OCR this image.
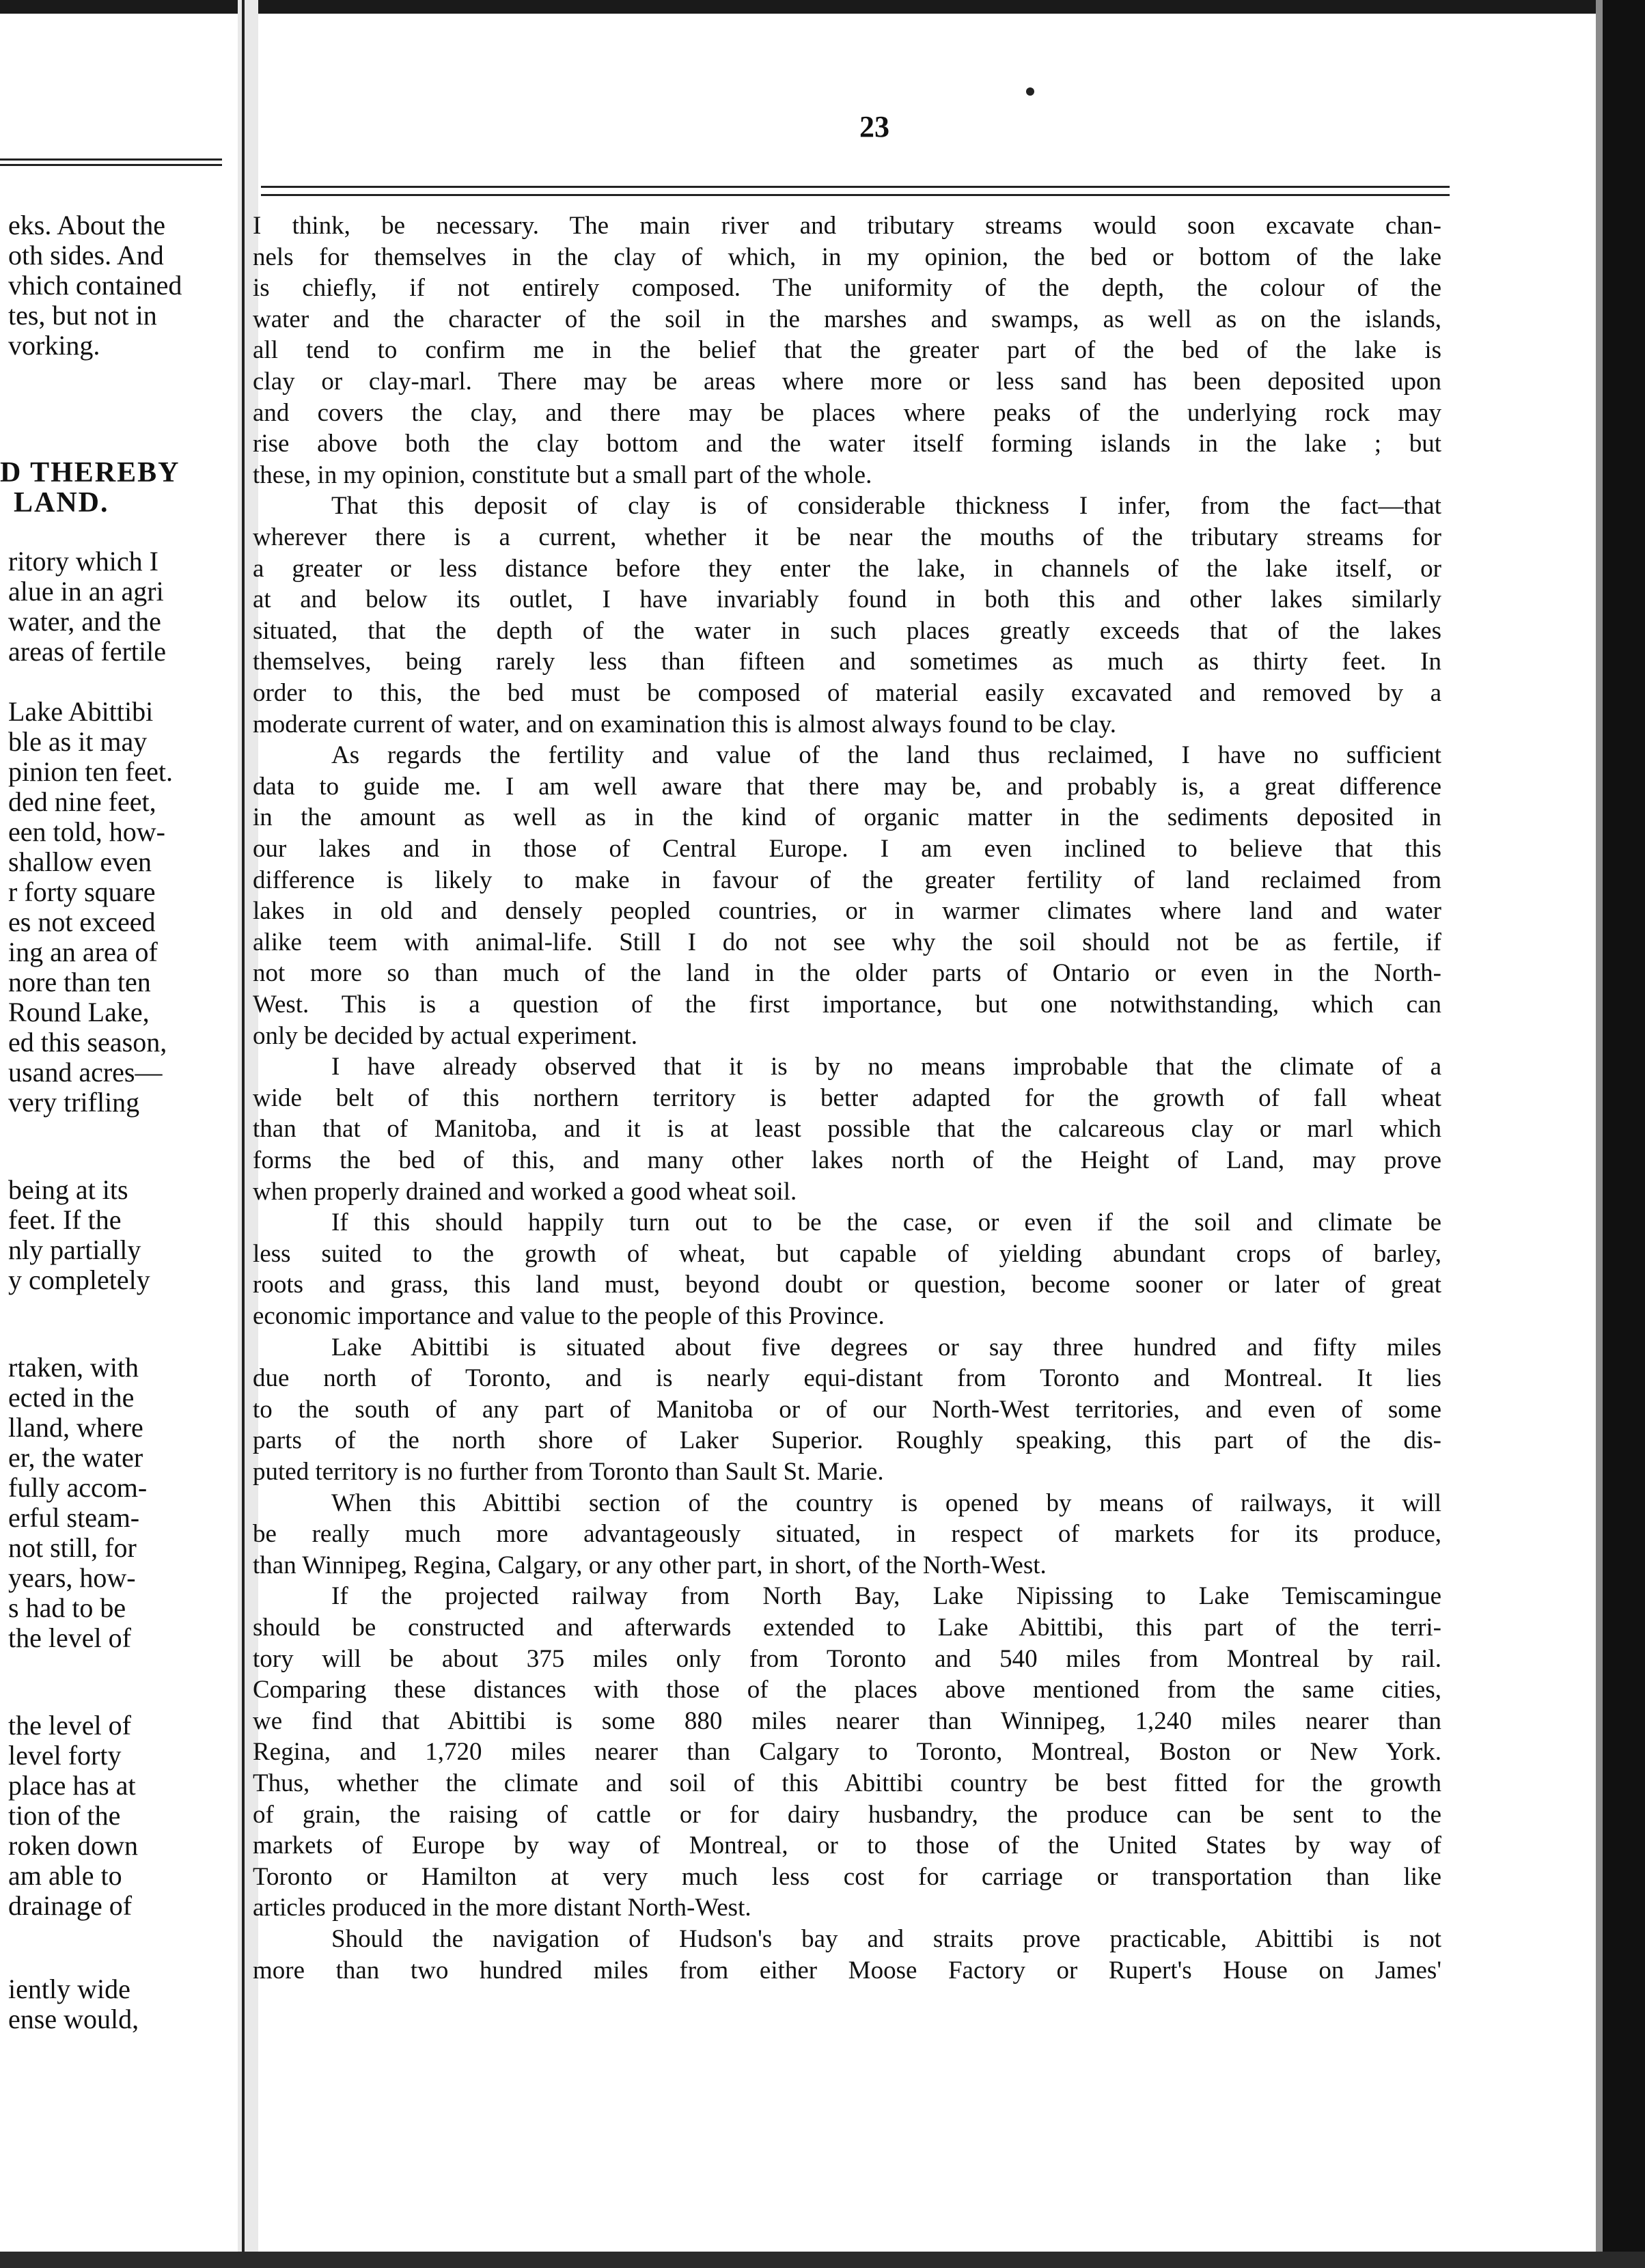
eks. About the
oth sides. And
vhich contained
tes, but not in
vorking.
D THEREBY
LAND.
ritory which I
alue in an agri
water, and the
areas of fertile
Lake Abittibi
ble as it may
pinion ten feet.
ded nine feet,
een told, how-
shallow even
r forty square
es not exceed
ing an area of
nore than ten
Round Lake,
ed this season,
usand acres—
very trifling
being at its
feet. If the
nly partially
y completely
rtaken, with
ected in the
lland, where
er, the water
fully accom-
erful steam-
not still, for
years, how-
s had to be
the level of
the level of
level forty
place has at
tion of the
roken down
am able to
drainage of
iently wide
ense would,
23
I think, be necessary. The main river and tributary streams would soon excavate chan-
nels for themselves in the clay of which, in my opinion, the bed or bottom of the lake
is chiefly, if not entirely composed. The uniformity of the depth, the colour of the
water and the character of the soil in the marshes and swamps, as well as on the islands,
all tend to confirm me in the belief that the greater part of the bed of the lake is
clay or clay-marl. There may be areas where more or less sand has been deposited upon
and covers the clay, and there may be places where peaks of the underlying rock may
rise above both the clay bottom and the water itself forming islands in the lake ; but
these, in my opinion, constitute but a small part of the whole.
That this deposit of clay is of considerable thickness I infer, from the fact—that
wherever there is a current, whether it be near the mouths of the tributary streams for
a greater or less distance before they enter the lake, in channels of the lake itself, or
at and below its outlet, I have invariably found in both this and other lakes similarly
situated, that the depth of the water in such places greatly exceeds that of the lakes
themselves, being rarely less than fifteen and sometimes as much as thirty feet. In
order to this, the bed must be composed of material easily excavated and removed by a
moderate current of water, and on examination this is almost always found to be clay.
As regards the fertility and value of the land thus reclaimed, I have no sufficient
data to guide me. I am well aware that there may be, and probably is, a great difference
in the amount as well as in the kind of organic matter in the sediments deposited in
our lakes and in those of Central Europe. I am even inclined to believe that this
difference is likely to make in favour of the greater fertility of land reclaimed from
lakes in old and densely peopled countries, or in warmer climates where land and water
alike teem with animal-life. Still I do not see why the soil should not be as fertile, if
not more so than much of the land in the older parts of Ontario or even in the North-
West. This is a question of the first importance, but one notwithstanding, which can
only be decided by actual experiment.
I have already observed that it is by no means improbable that the climate of a
wide belt of this northern territory is better adapted for the growth of fall wheat
than that of Manitoba, and it is at least possible that the calcareous clay or marl which
forms the bed of this, and many other lakes north of the Height of Land, may prove
when properly drained and worked a good wheat soil.
If this should happily turn out to be the case, or even if the soil and climate be
less suited to the growth of wheat, but capable of yielding abundant crops of barley,
roots and grass, this land must, beyond doubt or question, become sooner or later of great
economic importance and value to the people of this Province.
Lake Abittibi is situated about five degrees or say three hundred and fifty miles
due north of Toronto, and is nearly equi-distant from Toronto and Montreal. It lies
to the south of any part of Manitoba or of our North-West territories, and even of some
parts of the north shore of Laker Superior. Roughly speaking, this part of the dis-
puted territory is no further from Toronto than Sault St. Marie.
When this Abittibi section of the country is opened by means of railways, it will
be really much more advantageously situated, in respect of markets for its produce,
than Winnipeg, Regina, Calgary, or any other part, in short, of the North-West.
If the projected railway from North Bay, Lake Nipissing to Lake Temiscamingue
should be constructed and afterwards extended to Lake Abittibi, this part of the terri-
tory will be about 375 miles only from Toronto and 540 miles from Montreal by rail.
Comparing these distances with those of the places above mentioned from the same cities,
we find that Abittibi is some 880 miles nearer than Winnipeg, 1,240 miles nearer than
Regina, and 1,720 miles nearer than Calgary to Toronto, Montreal, Boston or New York.
Thus, whether the climate and soil of this Abittibi country be best fitted for the growth
of grain, the raising of cattle or for dairy husbandry, the produce can be sent to the
markets of Europe by way of Montreal, or to those of the United States by way of
Toronto or Hamilton at very much less cost for carriage or transportation than like
articles produced in the more distant North-West.
Should the navigation of Hudson's bay and straits prove practicable, Abittibi is not
more than two hundred miles from either Moose Factory or Rupert's House on James'
